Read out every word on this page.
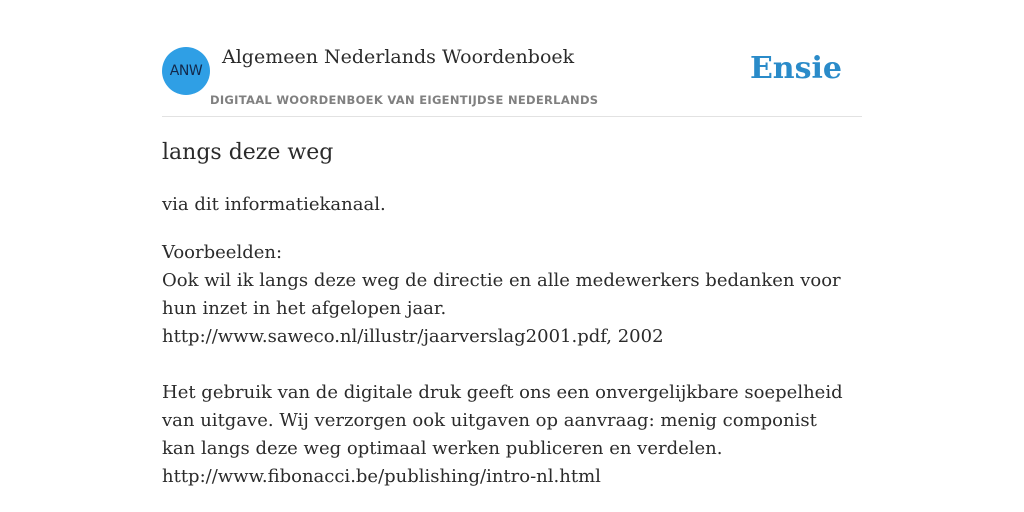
ANW
Algemeen Nederlands Woordenboek
DIGITAAL WOORDENBOEK VAN EIGENTIJDSE NEDERLANDS
Ensie
langs deze weg
via dit informatiekanaal.
Voorbeelden:
Ook wil ik langs deze weg de directie en alle medewerkers bedanken voor hun inzet in het afgelopen jaar.
http://www.saweco.nl/illustr/jaarverslag2001.pdf, 2002
Het gebruik van de digitale druk geeft ons een onvergelijkbare soepelheid van uitgave. Wij verzorgen ook uitgaven op aanvraag: menig componist kan langs deze weg optimaal werken publiceren en verdelen.
http://www.fibonacci.be/publishing/intro-nl.html
